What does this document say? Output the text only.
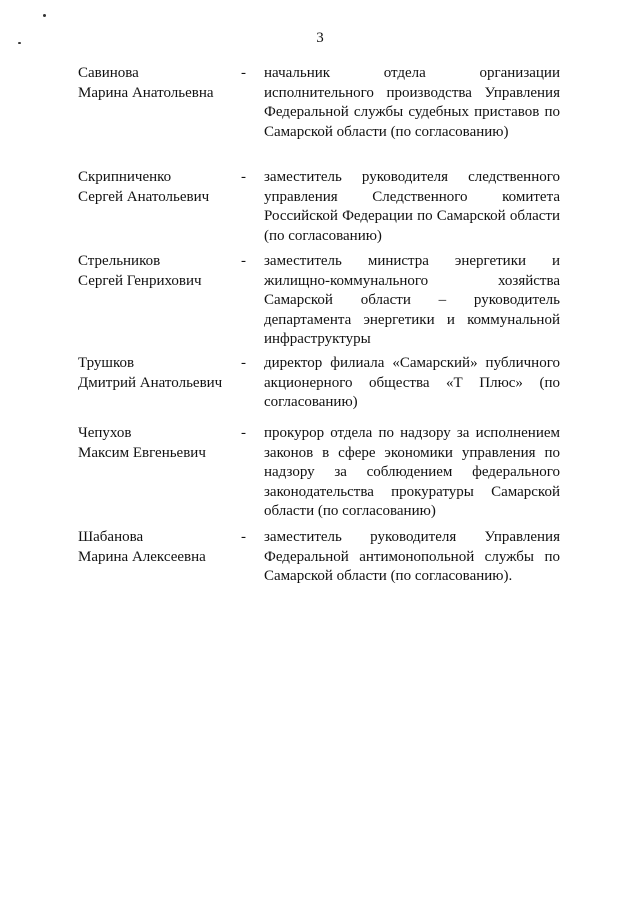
3
Савинова
Марина Анатольевна
- начальник отдела организации исполнительного производства Управления Федеральной службы судебных приставов по Самарской области (по согласованию)
Скрипниченко
Сергей Анатольевич
- заместитель руководителя следственного управления Следственного комитета Российской Федерации по Самарской области (по согласованию)
Стрельников
Сергей Генрихович
- заместитель министра энергетики и жилищно-коммунального хозяйства Самарской области – руководитель департамента энергетики и коммунальной инфраструктуры
Трушков
Дмитрий Анатольевич
- директор филиала «Самарский» публичного акционерного общества «Т Плюс» (по согласованию)
Чепухов
Максим Евгеньевич
- прокурор отдела по надзору за исполнением законов в сфере экономики управления по надзору за соблюдением федерального законодательства прокуратуры Самарской области (по согласованию)
Шабанова
Марина Алексеевна
- заместитель руководителя Управления Федеральной антимонопольной службы по Самарской области (по согласованию).
